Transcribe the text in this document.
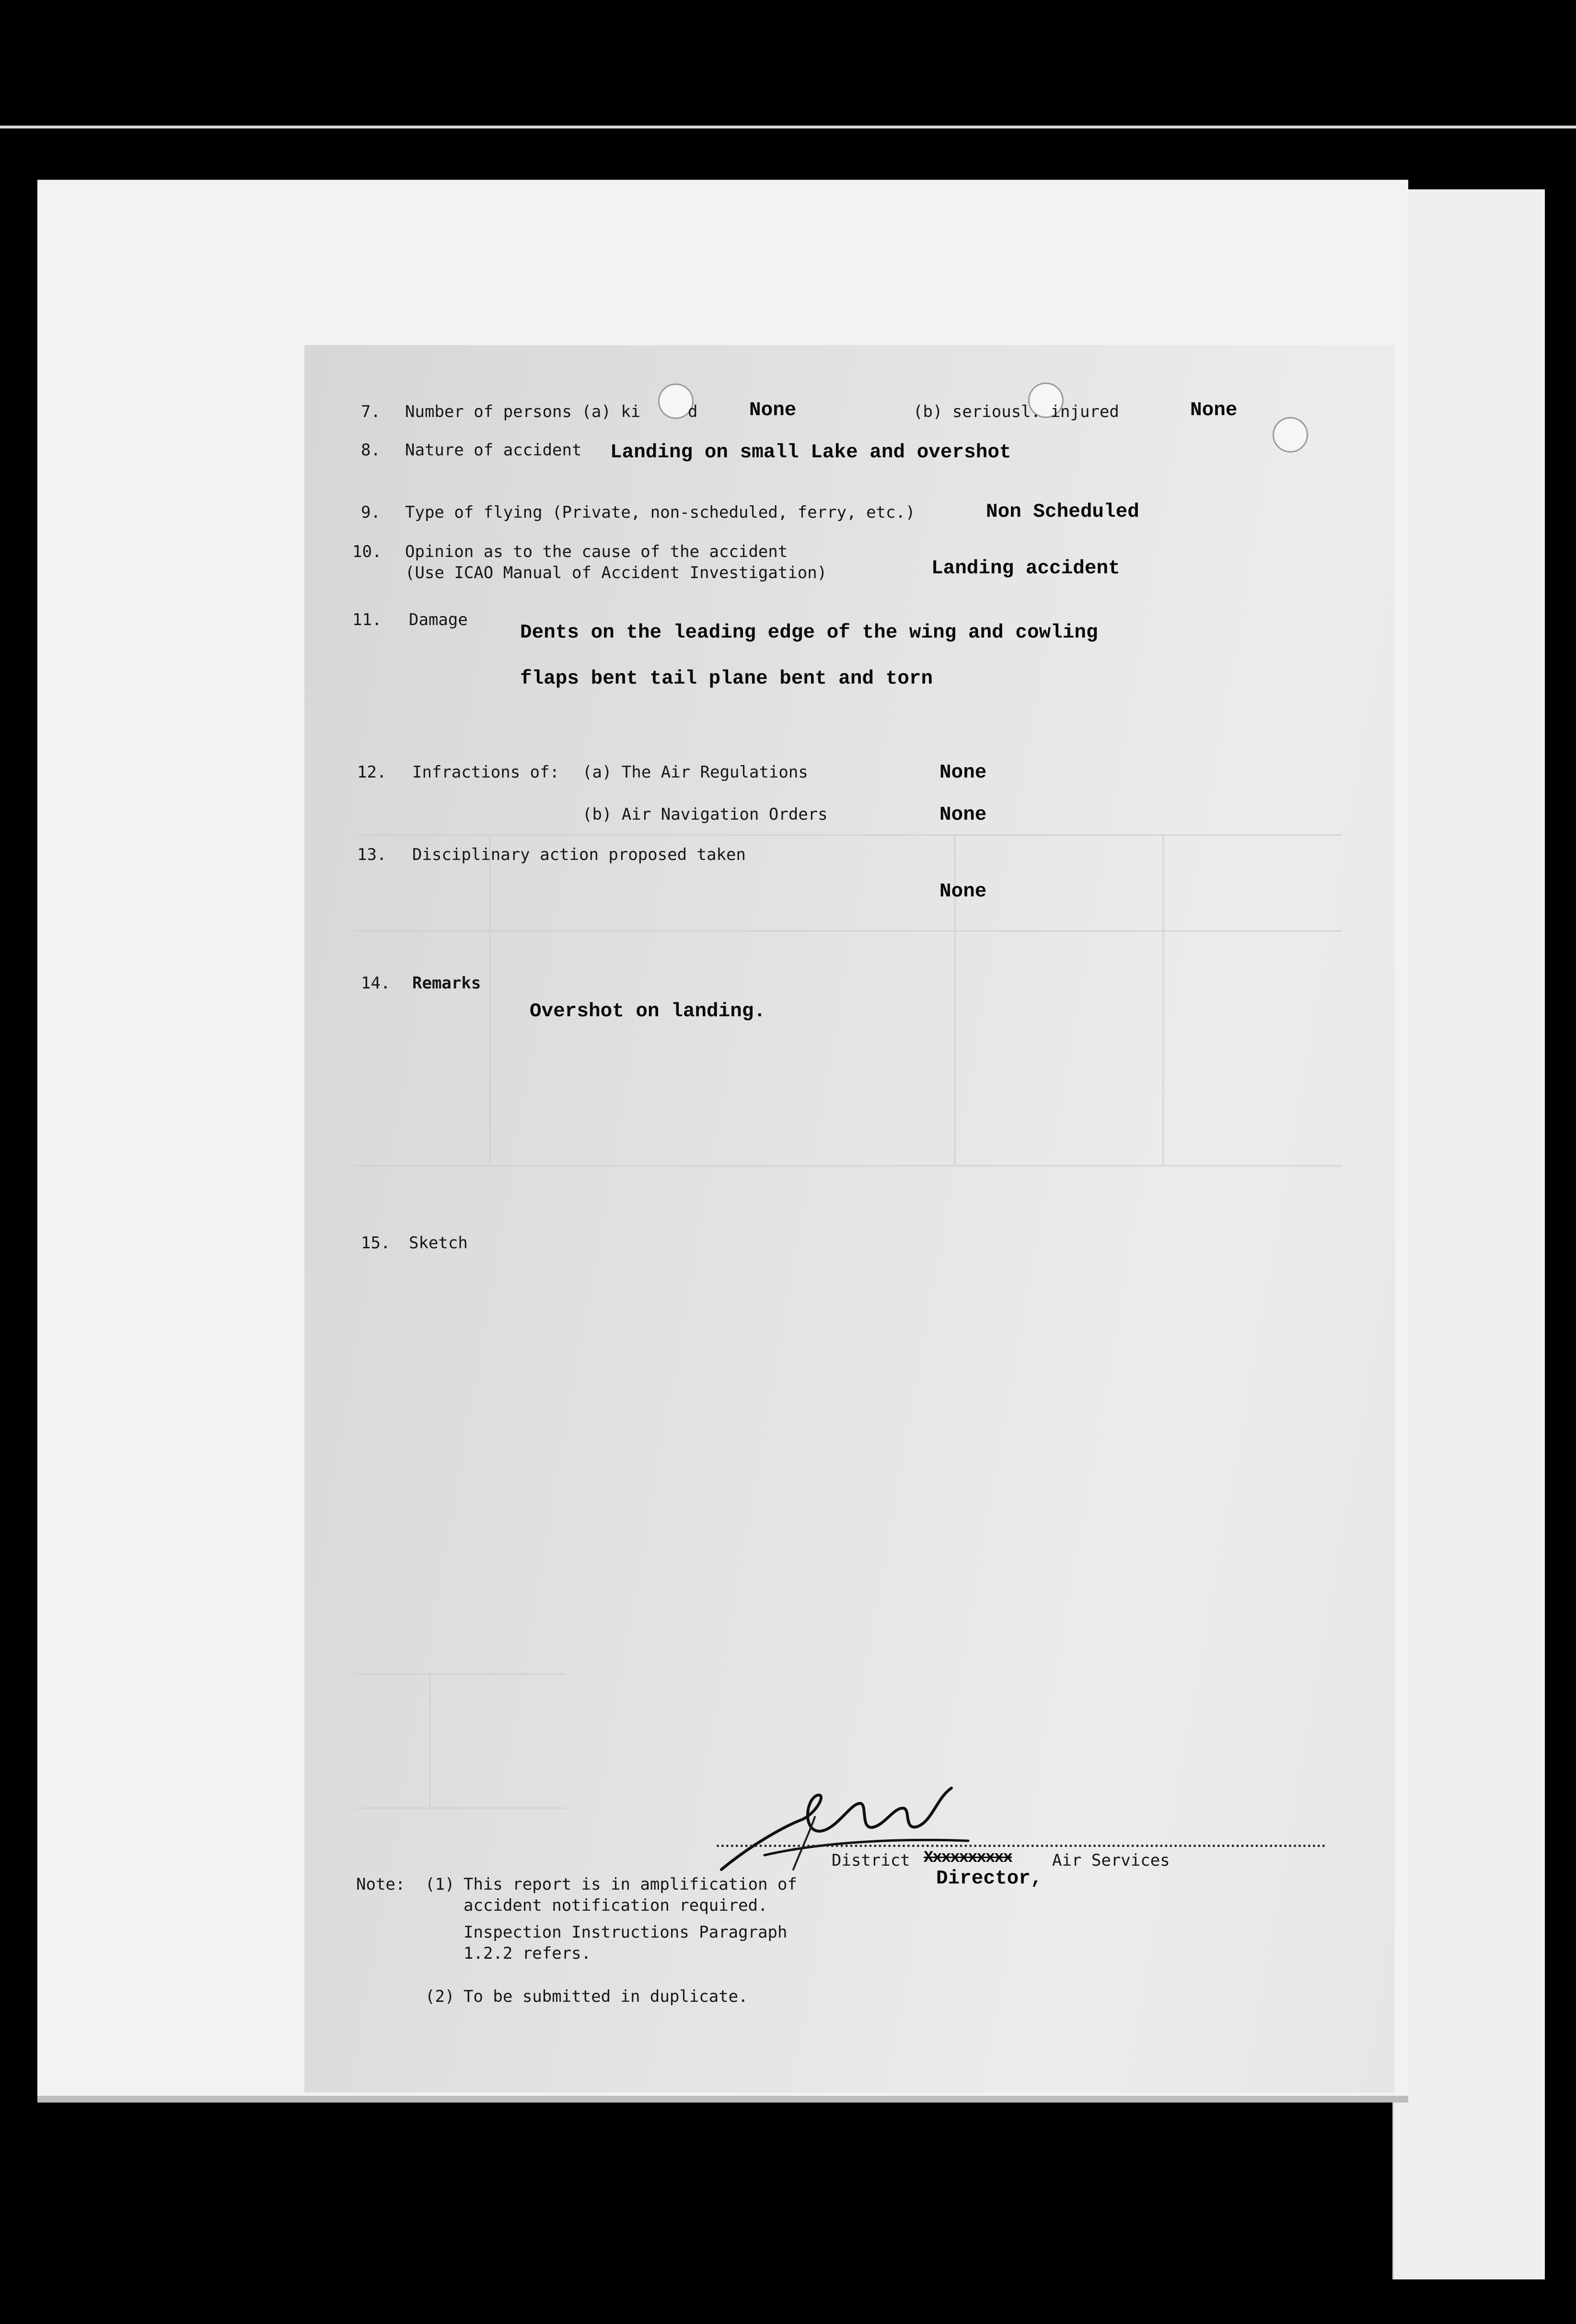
7. Number of persons (a) ki	d	None	(b) seriousl. injured	None
8. Nature of accident Landing on small Lake and overshot
9. Type of flying (Private, non-scheduled, ferry, etc.)	Non Scheduled
10. Opinion as to the cause of the accident
(Use ICAO Manual of Accident Investigation)	Landing accident
11. Damage
Dents on the leading edge of the wing and cowling
flaps bent tail plane bent and torn
12. Infractions of: (a) The Air Regulations	None
(b) Air Navigation Orders	None
13. Disciplinary action proposed taken
None
14. Remarks
Overshot on landing.
15. Sketch
District Xxxxxxxxxx Air Services
Director,
Note: (1) This report is in amplification of
accident notification required.
Inspection Instructions Paragraph
1.2.2 refers.
(2) To be submitted in duplicate.
